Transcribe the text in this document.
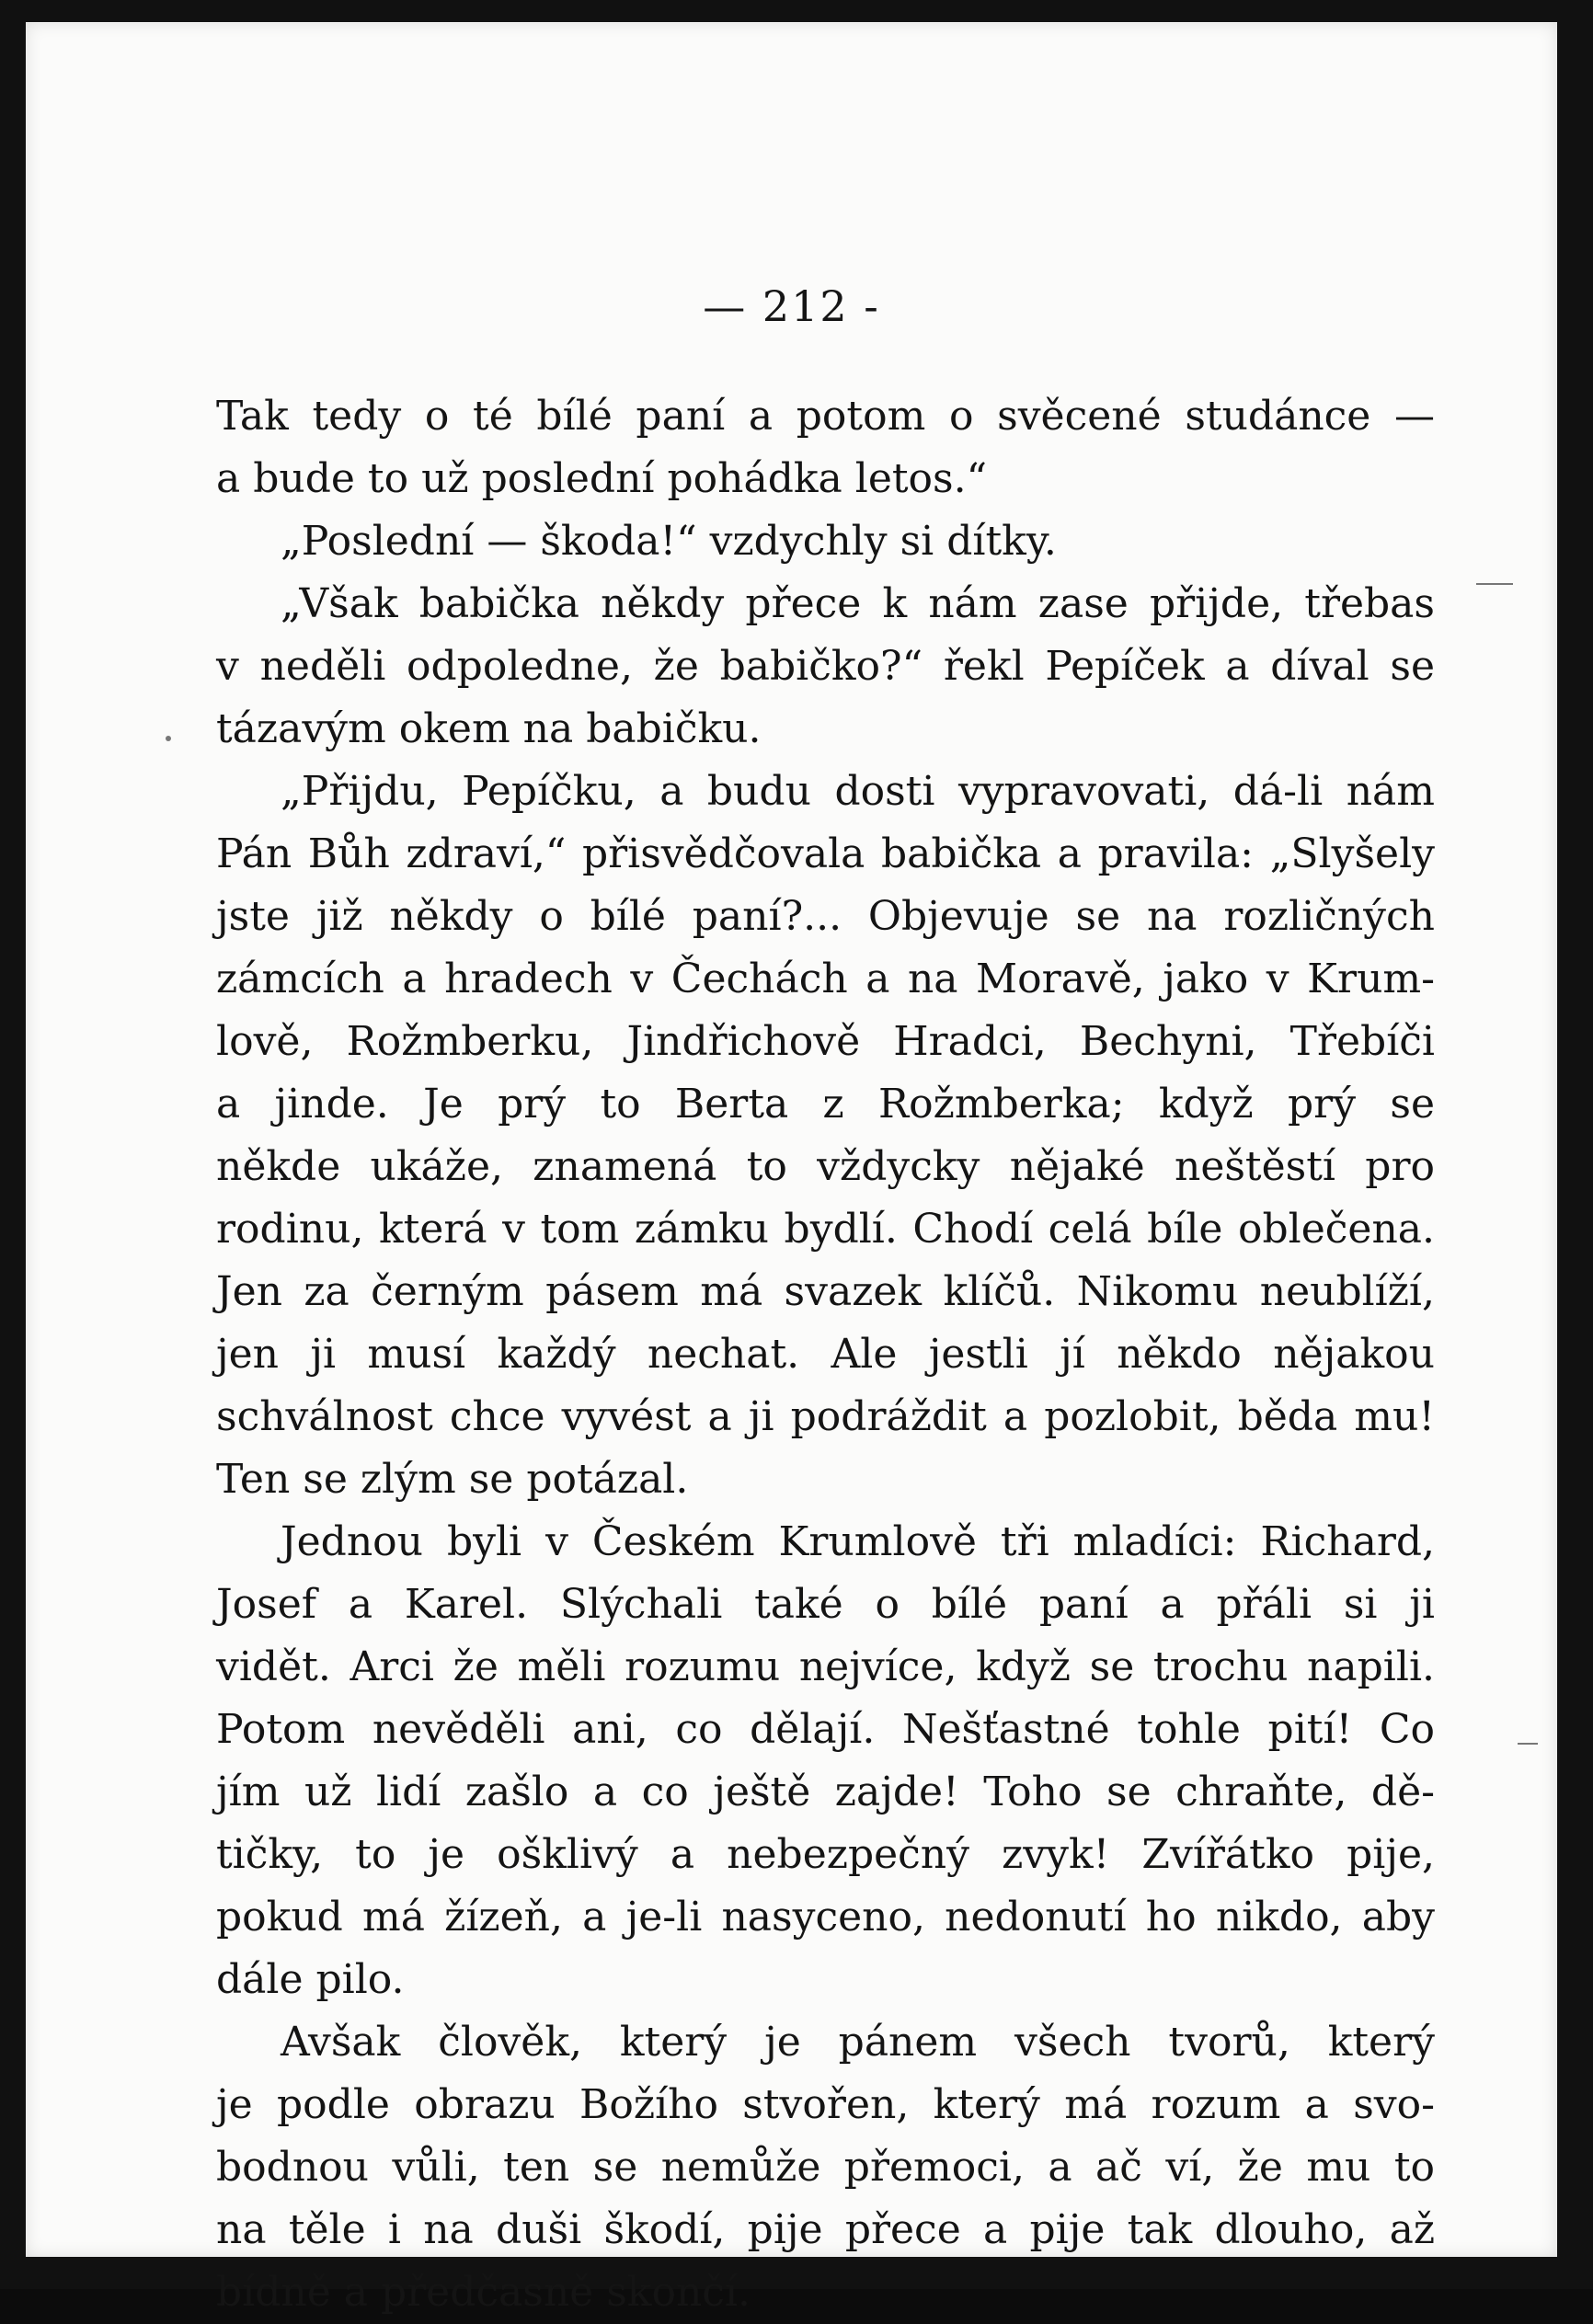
— 212 -
Tak tedy o té bílé paní a potom o svěcené studánce —
a bude to už poslední pohádka letos.“
„Poslední — škoda!“ vzdychly si dítky.
„Však babička někdy přece k nám zase přijde, třebas
v neděli odpoledne, že babičko?“ řekl Pepíček a díval se
tázavým okem na babičku.
„Přijdu, Pepíčku, a budu dosti vypravovati, dá-li nám
Pán Bůh zdraví,“ přisvědčovala babička a pravila: „Slyšely
jste již někdy o bílé paní?... Objevuje se na rozličných
zámcích a hradech v Čechách a na Moravě, jako v Krum-
lově, Rožmberku, Jindřichově Hradci, Bechyni, Třebíči
a jinde. Je prý to Berta z Rožmberka; když prý se
někde ukáže, znamená to vždycky nějaké neštěstí pro
rodinu, která v tom zámku bydlí. Chodí celá bíle oblečena.
Jen za černým pásem má svazek klíčů. Nikomu neublíží,
jen ji musí každý nechat. Ale jestli jí někdo nějakou
schválnost chce vyvést a ji podráždit a pozlobit, běda mu!
Ten se zlým se potázal.
Jednou byli v Českém Krumlově tři mladíci: Richard,
Josef a Karel. Slýchali také o bílé paní a přáli si ji
vidět. Arci že měli rozumu nejvíce, když se trochu napili.
Potom nevěděli ani, co dělají. Nešťastné tohle pití! Co
jím už lidí zašlo a co ještě zajde! Toho se chraňte, dě-
tičky, to je ošklivý a nebezpečný zvyk! Zvířátko pije,
pokud má žízeň, a je-li nasyceno, nedonutí ho nikdo, aby
dále pilo.
Avšak člověk, který je pánem všech tvorů, který
je podle obrazu Božího stvořen, který má rozum a svo-
bodnou vůli, ten se nemůže přemoci, a ač ví, že mu to
na těle i na duši škodí, pije přece a pije tak dlouho, až
bídně a předčasně skončí.
